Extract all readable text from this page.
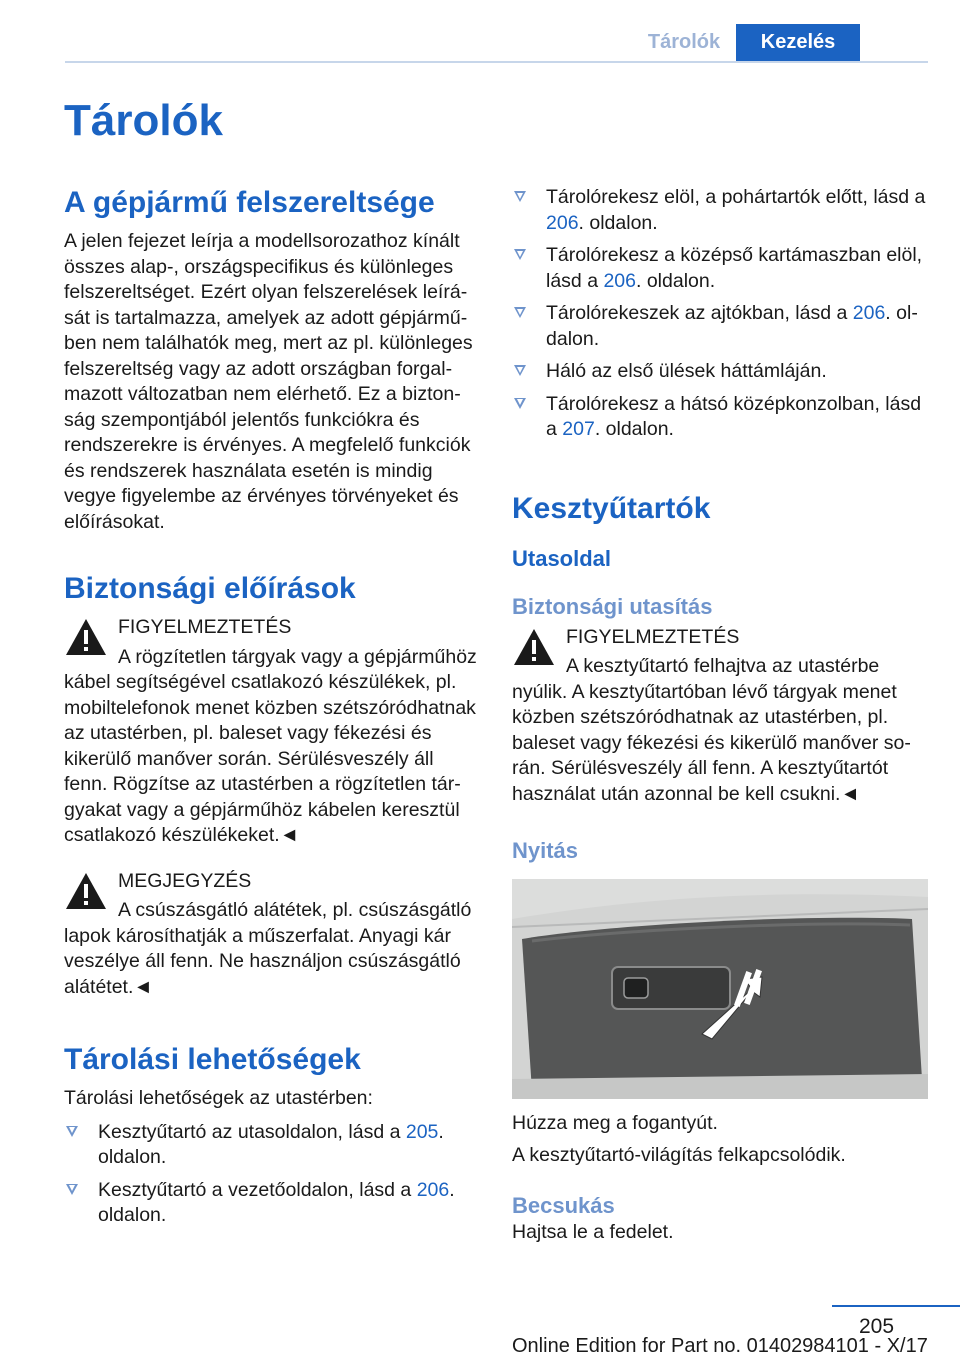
Tárolók	Kezelés
Tárolók
A gépjármű felszereltsége

A jelen fejezet leírja a modellsorozathoz kínált összes alap-, országspecifikus és különleges felszereltséget. Ezért olyan felszerelések leírását is tartalmazza, amelyek az adott gépjárműben nem találhatók meg, mert az pl. különleges felszereltség vagy az adott országban forgalmazott változatban nem elérhető. Ez a biztonság szempontjából jelentős funkciókra és rendszerekre is érvényes. A megfelelő funkciók és rendszerek használata esetén is mindig vegye figyelembe az érvényes törvényeket és előírásokat.

Biztonsági előírások
FIGYELMEZTETÉS

A rögzítetlen tárgyak vagy a gépjárműhöz kábel segítségével csatlakozó készülékek, pl. mobiltelefonok menet közben szétszóródhatnak az utastérben, pl. baleset vagy fékezési és kikerülő manőver során. Sérülésveszély áll fenn. Rögzítse az utastérben a rögzítetlen tárgyakat vagy a gépjárműhöz kábelen keresztül csatlakozó készülékeket.◄

MEGJEGYZÉS

A csúszásgátló alátétek, pl. csúszásgátló lapok károsíthatják a műszerfalat. Anyagi kár veszélye áll fenn. Ne használjon csúszásgátló alátétet.◄

Tárolási lehetőségek

Tárolási lehetőségek az utastérben:

Kesztyűtartó az utasoldalon, lásd a 205. oldalon.
Kesztyűtartó a vezetőoldalon, lásd a 206. oldalon.
Tárolórekesz elöl, a pohártartók előtt, lásd a 206. oldalon.
Tárolórekesz a középső kartámaszban elöl, lásd a 206. oldalon.
Tárolórekeszek az ajtókban, lásd a 206. oldalon.
Háló az első ülések háttámláján.
Tárolórekesz a hátsó középkonzolban, lásd a 207. oldalon.
Kesztyűtartók
Utasoldal
Biztonsági utasítás
FIGYELMEZTETÉS

A kesztyűtartó felhajtva az utastérbe nyúlik. A kesztyűtartóban lévő tárgyak menet közben szétszóródhatnak az utastérben, pl. baleset vagy fékezési és kikerülő manőver során. Sérülésveszély áll fenn. A kesztyűtartót használat után azonnal be kell csukni.◄

Nyitás

Húzza meg a fogantyút.

A kesztyűtartó-világítás felkapcsolódik.

Becsukás

Hajtsa le a fedelet.

205
Online Edition for Part no. 01402984101 - X/17
